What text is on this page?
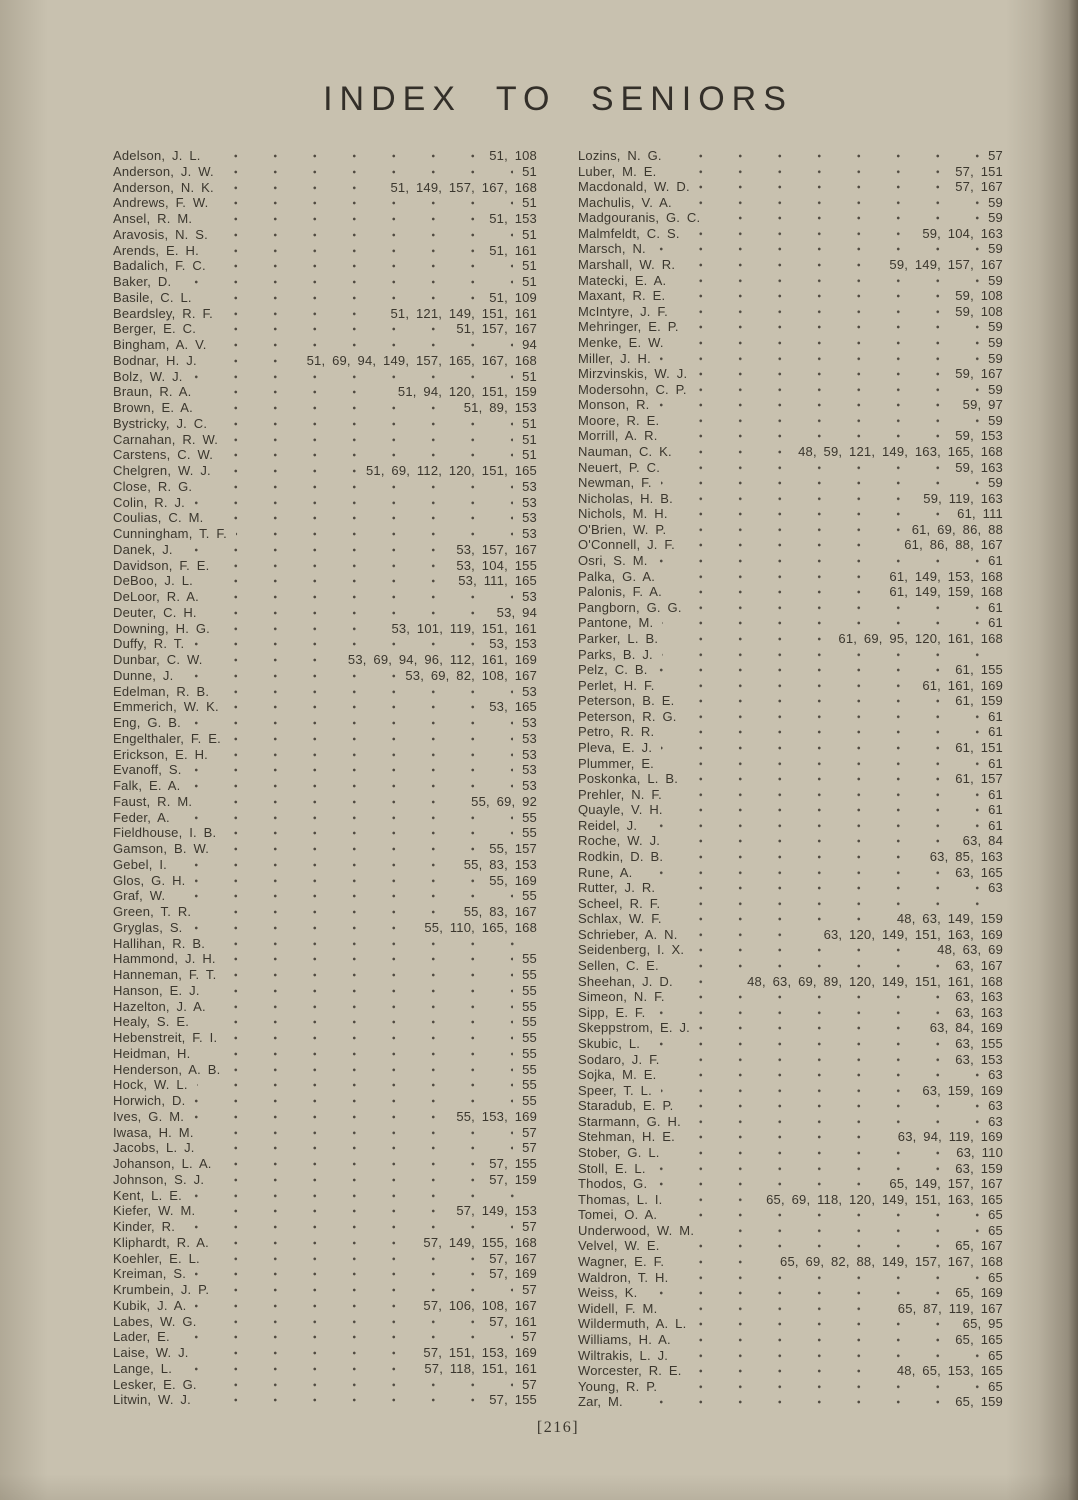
INDEX TO SENIORS
Adelson, J. L.	51, 108
Anderson, J. W.	51
Anderson, N. K.	51, 149, 157, 167, 168
Andrews, F. W.	51
Ansel, R. M.	51, 153
Aravosis, N. S.	51
Arends, E. H.	51, 161
Badalich, F. C.	51
Baker, D.	51
Basile, C. L.	51, 109
Beardsley, R. F.	51, 121, 149, 151, 161
Berger, E. C.	51, 157, 167
Bingham, A. V.	94
Bodnar, H. J.	51, 69, 94, 149, 157, 165, 167, 168
Bolz, W. J.	51
Braun, R. A.	51, 94, 120, 151, 159
Brown, E. A.	51, 89, 153
Bystricky, J. C.	51
Carnahan, R. W.	51
Carstens, C. W.	51
Chelgren, W. J.	51, 69, 112, 120, 151, 165
Close, R. G.	53
Colin, R. J.	53
Coulias, C. M.	53
Cunningham, T. F.	53
Danek, J.	53, 157, 167
Davidson, F. E.	53, 104, 155
DeBoo, J. L.	53, 111, 165
DeLoor, R. A.	53
Deuter, C. H.	53, 94
Downing, H. G.	53, 101, 119, 151, 161
Duffy, R. T.	53, 153
Dunbar, C. W.	53, 69, 94, 96, 112, 161, 169
Dunne, J.	53, 69, 82, 108, 167
Edelman, R. B.	53
Emmerich, W. K.	53, 165
Eng, G. B.	53
Engelthaler, F. E.	53
Erickson, E. H.	53
Evanoff, S.	53
Falk, E. A.	53
Faust, R. M.	55, 69, 92
Feder, A.	55
Fieldhouse, I. B.	55
Gamson, B. W.	55, 157
Gebel, I.	55, 83, 153
Glos, G. H.	55, 169
Graf, W.	55
Green, T. R.	55, 83, 167
Gryglas, S.	55, 110, 165, 168
Hallihan, R. B.
Hammond, J. H.	55
Hanneman, F. T.	55
Hanson, E. J.	55
Hazelton, J. A.	55
Healy, S. E.	55
Hebenstreit, F. I.	55
Heidman, H.	55
Henderson, A. B.	55
Hock, W. L.	55
Horwich, D.	55
Ives, G. M.	55, 153, 169
Iwasa, H. M.	57
Jacobs, L. J.	57
Johanson, L. A.	57, 155
Johnson, S. J.	57, 159
Kent, L. E.
Kiefer, W. M.	57, 149, 153
Kinder, R.	57
Kliphardt, R. A.	57, 149, 155, 168
Koehler, E. L.	57, 167
Kreiman, S.	57, 169
Krumbein, J. P.	57
Kubik, J. A.	57, 106, 108, 167
Labes, W. G.	57, 161
Lader, E.	57
Laise, W. J.	57, 151, 153, 169
Lange, L.	57, 118, 151, 161
Lesker, E. G.	57
Litwin, W. J.	57, 155
Lozins, N. G.	57
Luber, M. E.	57, 151
Macdonald, W. D.	57, 167
Machulis, V. A.	59
Madgouranis, G. C.	59
Malmfeldt, C. S.	59, 104, 163
Marsch, N.	59
Marshall, W. R.	59, 149, 157, 167
Matecki, E. A.	59
Maxant, R. E.	59, 108
McIntyre, J. F.	59, 108
Mehringer, E. P.	59
Menke, E. W.	59
Miller, J. H.	59
Mirzvinskis, W. J.	59, 167
Modersohn, C. P.	59
Monson, R.	59, 97
Moore, R. E.	59
Morrill, A. R.	59, 153
Nauman, C. K.	48, 59, 121, 149, 163, 165, 168
Neuert, P. C.	59, 163
Newman, F.	59
Nicholas, H. B.	59, 119, 163
Nichols, M. H.	61, 111
O'Brien, W. P.	61, 69, 86, 88
O'Connell, J. F.	61, 86, 88, 167
Osri, S. M.	61
Palka, G. A.	61, 149, 153, 168
Palonis, F. A.	61, 149, 159, 168
Pangborn, G. G.	61
Pantone, M.	61
Parker, L. B.	61, 69, 95, 120, 161, 168
Parks, B. J.
Pelz, C. B.	61, 155
Perlet, H. F.	61, 161, 169
Peterson, B. E.	61, 159
Peterson, R. G.	61
Petro, R. R.	61
Pleva, E. J.	61, 151
Plummer, E.	61
Poskonka, L. B.	61, 157
Prehler, N. F.	61
Quayle, V. H.	61
Reidel, J.	61
Roche, W. J.	63, 84
Rodkin, D. B.	63, 85, 163
Rune, A.	63, 165
Rutter, J. R.	63
Scheel, R. F.
Schlax, W. F.	48, 63, 149, 159
Schrieber, A. N.	63, 120, 149, 151, 163, 169
Seidenberg, I. X.	48, 63, 69
Sellen, C. E.	63, 167
Sheehan, J. D.	48, 63, 69, 89, 120, 149, 151, 161, 168
Simeon, N. F.	63, 163
Sipp, E. F.	63, 163
Skeppstrom, E. J.	63, 84, 169
Skubic, L.	63, 155
Sodaro, J. F.	63, 153
Sojka, M. E.	63
Speer, T. L.	63, 159, 169
Staradub, E. P.	63
Starmann, G. H.	63
Stehman, H. E.	63, 94, 119, 169
Stober, G. L.	63, 110
Stoll, E. L.	63, 159
Thodos, G.	65, 149, 157, 167
Thomas, L. I.	65, 69, 118, 120, 149, 151, 163, 165
Tomei, O. A.	65
Underwood, W. M.	65
Velvel, W. E.	65, 167
Wagner, E. F.	65, 69, 82, 88, 149, 157, 167, 168
Waldron, T. H.	65
Weiss, K.	65, 169
Widell, F. M.	65, 87, 119, 167
Wildermuth, A. L.	65, 95
Williams, H. A.	65, 165
Wiltrakis, L. J.	65
Worcester, R. E.	48, 65, 153, 165
Young, R. P.	65
Zar, M.	65, 159
[216]
